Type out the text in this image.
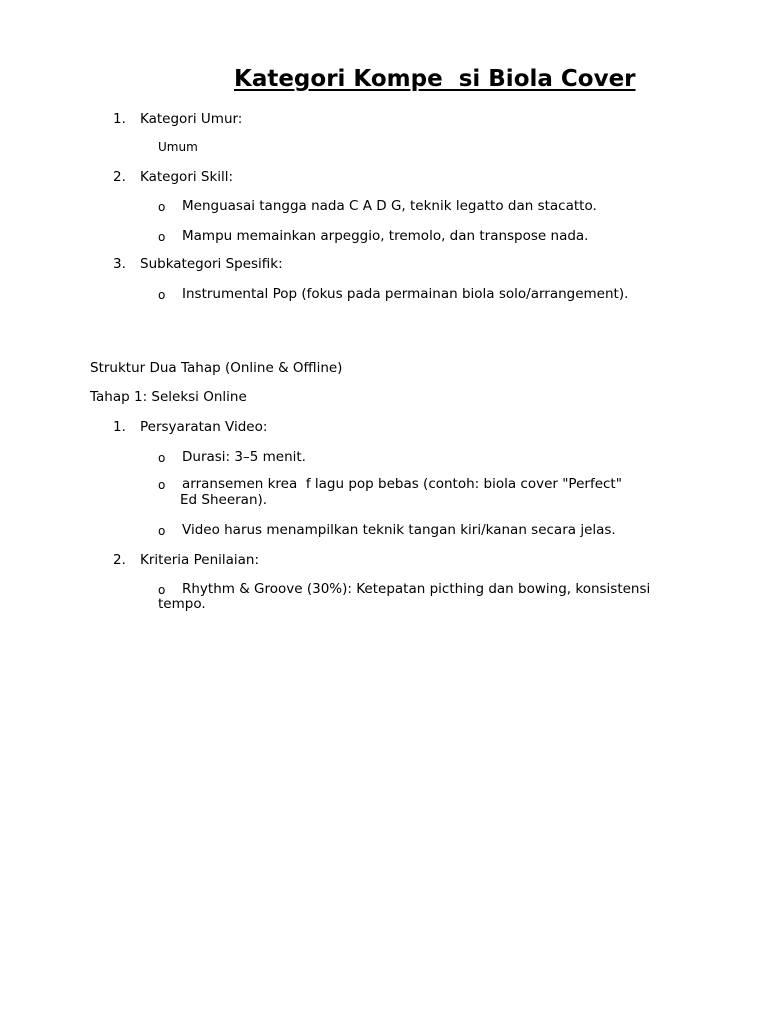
Kategori Kompe  si Biola Cover
1. Kategori Umur:
Umum
2. Kategori Skill:
o Menguasai tangga nada C A D G, teknik legatto dan stacatto.
o Mampu memainkan arpeggio, tremolo, dan transpose nada.
3. Subkategori Spesifik:
o Instrumental Pop (fokus pada permainan biola solo/arrangement).
Struktur Dua Tahap (Online & Offline)
Tahap 1: Seleksi Online
1. Persyaratan Video:
o Durasi: 3–5 menit.
o arransemen krea  f lagu pop bebas (contoh: biola cover "Perfect"
Ed Sheeran).
o Video harus menampilkan teknik tangan kiri/kanan secara jelas.
2. Kriteria Penilaian:
o Rhythm & Groove (30%): Ketepatan picthing dan bowing, konsistensi
tempo.
